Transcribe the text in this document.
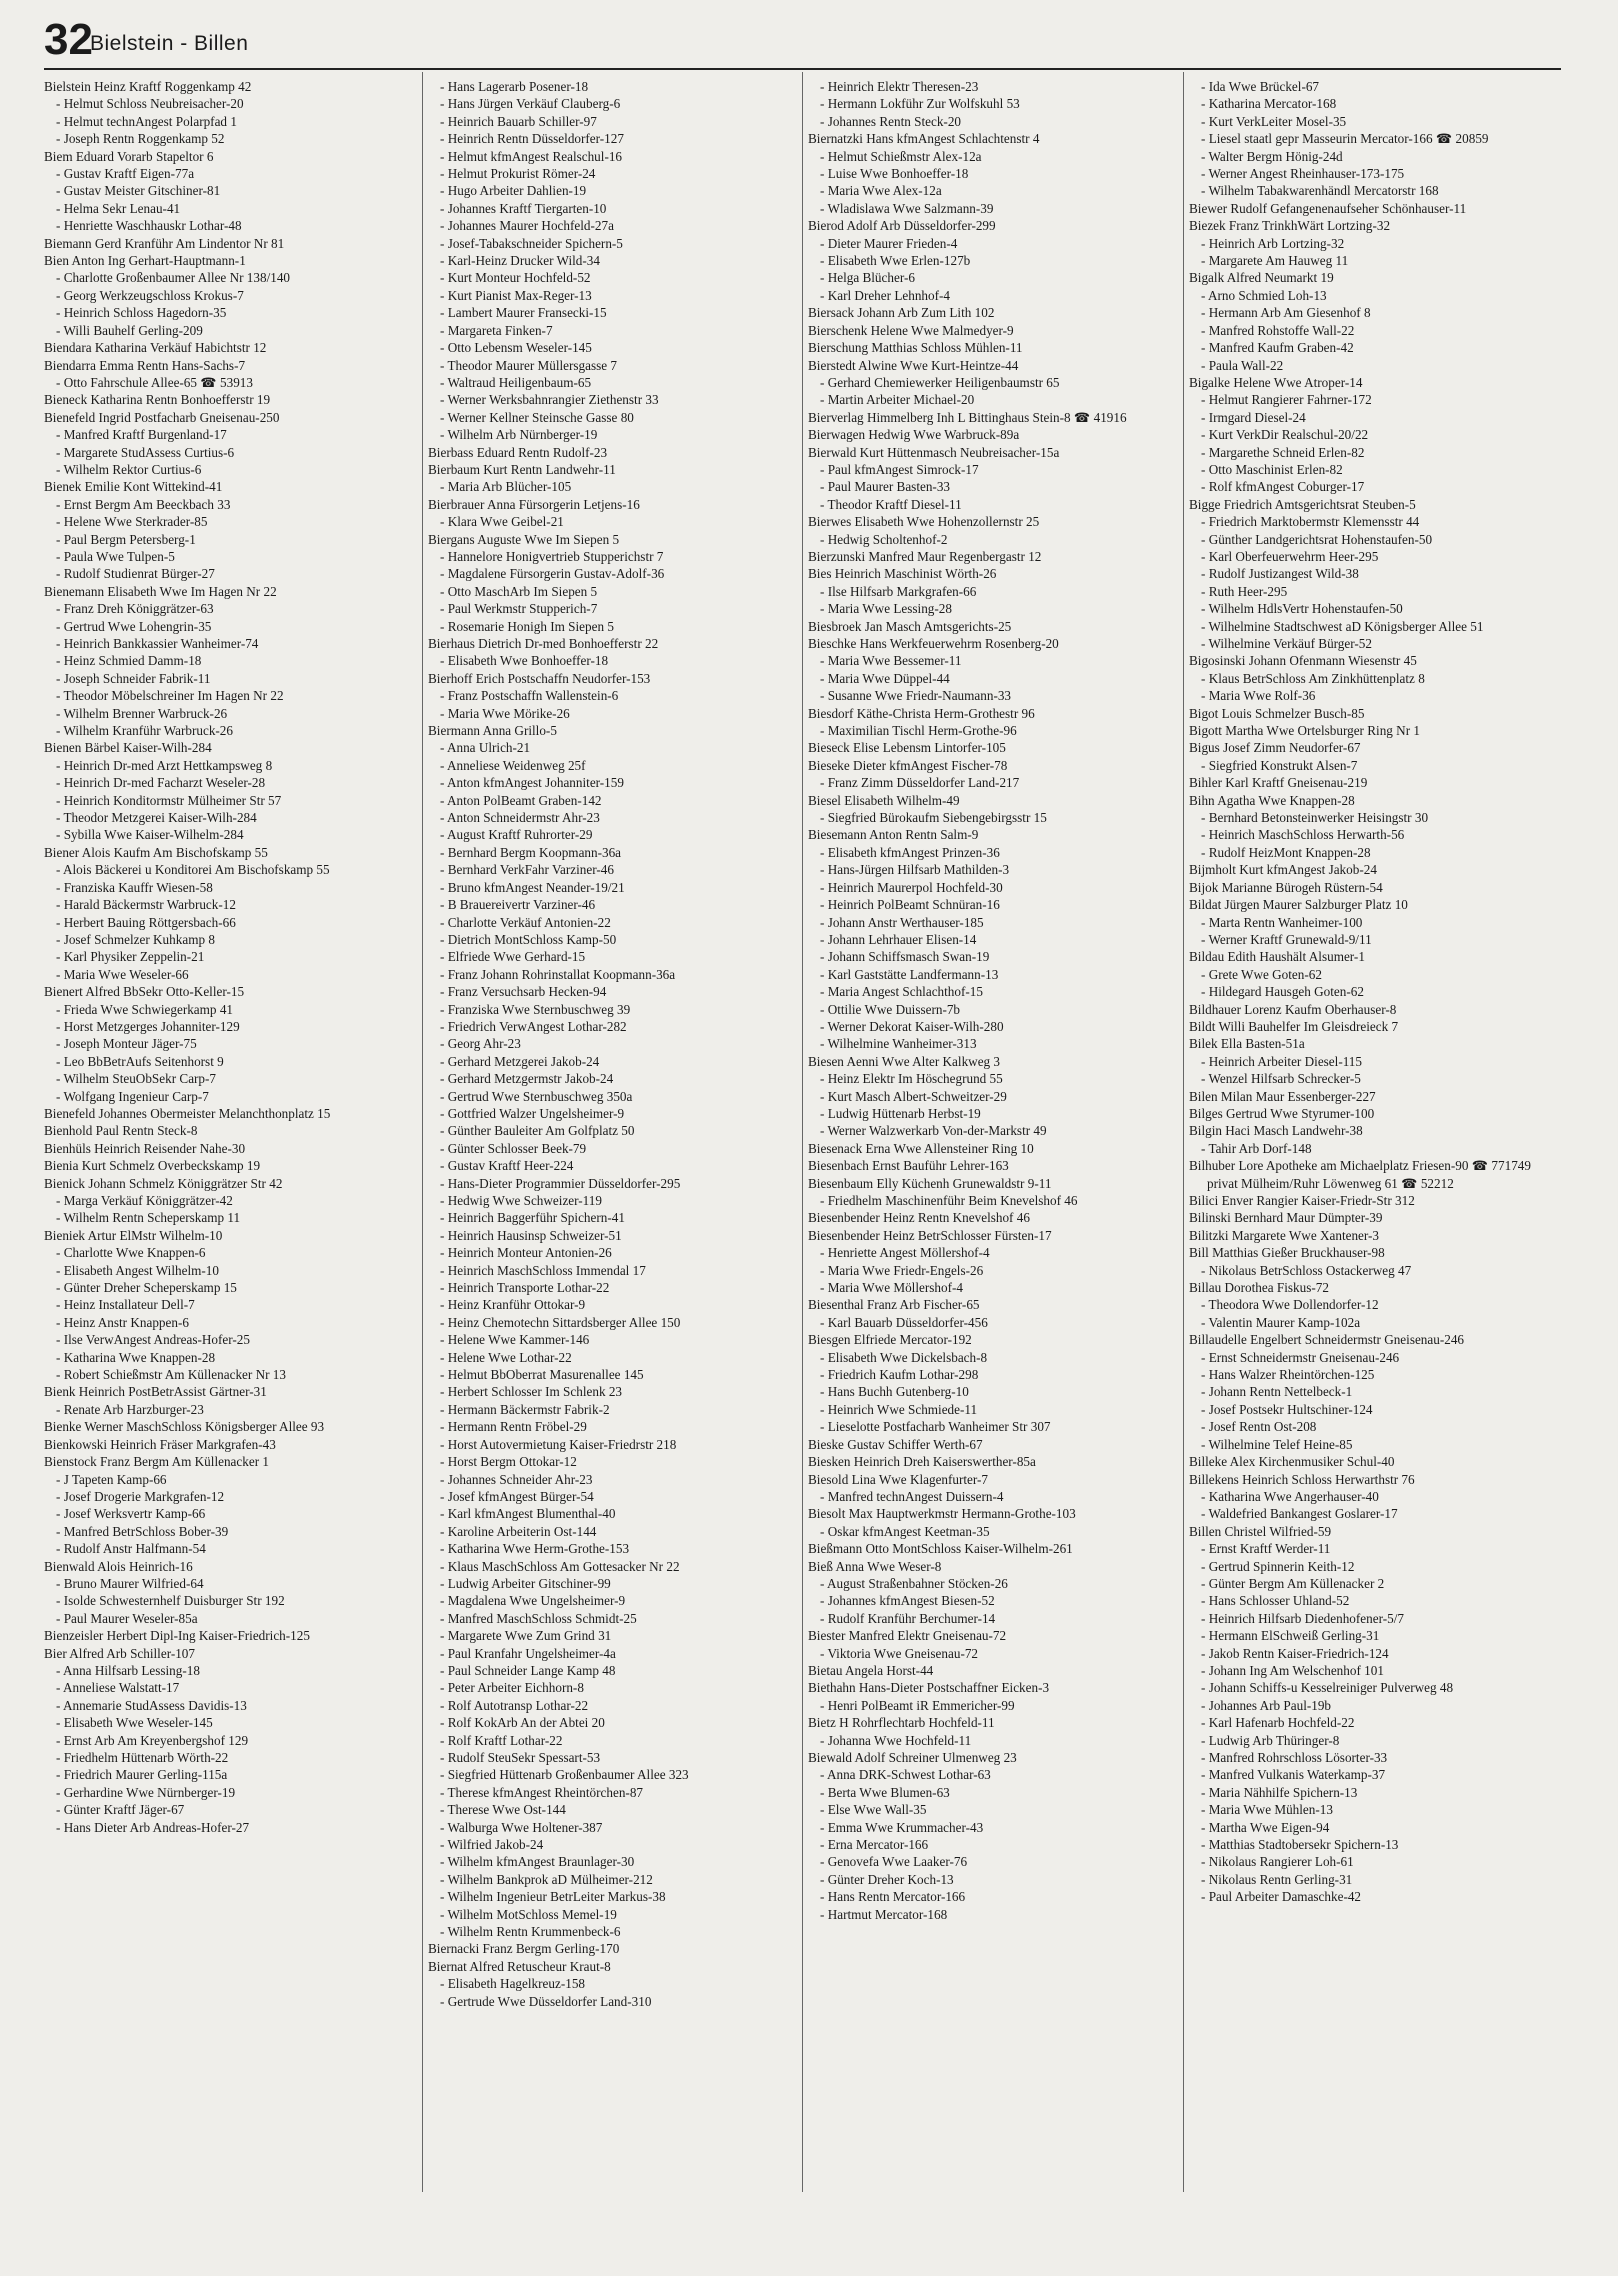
32
Bielstein - Billen

Bielstein Heinz Kraftf Roggenkamp 42

- Helmut Schloss Neubreisacher-20

- Helmut technAngest Polarpfad 1

- Joseph Rentn Roggenkamp 52

Biem Eduard Vorarb Stapeltor 6

- Gustav Kraftf Eigen-77a

- Gustav Meister Gitschiner-81

- Helma Sekr Lenau-41

- Henriette Waschhauskr Lothar-48

Biemann Gerd Kranführ Am Lindentor Nr 81

Bien Anton Ing Gerhart-Hauptmann-1

- Charlotte Großenbaumer Allee Nr 138/140

- Georg Werkzeugschloss Krokus-7

- Heinrich Schloss Hagedorn-35

- Willi Bauhelf Gerling-209

Biendara Katharina Verkäuf Habichtstr 12

Biendarra Emma Rentn Hans-Sachs-7

- Otto Fahrschule Allee-65 ☎ 53913

Bieneck Katharina Rentn Bonhoefferstr 19

Bienefeld Ingrid Postfacharb Gneisenau-250

- Manfred Kraftf Burgenland-17

- Margarete StudAssess Curtius-6

- Wilhelm Rektor Curtius-6

Bienek Emilie Kont Wittekind-41

- Ernst Bergm Am Beeckbach 33

- Helene Wwe Sterkrader-85

- Paul Bergm Petersberg-1

- Paula Wwe Tulpen-5

- Rudolf Studienrat Bürger-27

Bienemann Elisabeth Wwe Im Hagen Nr 22

- Franz Dreh Königgrätzer-63

- Gertrud Wwe Lohengrin-35

- Heinrich Bankkassier Wanheimer-74

- Heinz Schmied Damm-18

- Joseph Schneider Fabrik-11

- Theodor Möbelschreiner Im Hagen Nr 22

- Wilhelm Brenner Warbruck-26

- Wilhelm Kranführ Warbruck-26

Bienen Bärbel Kaiser-Wilh-284

- Heinrich Dr-med Arzt Hettkampsweg 8

- Heinrich Dr-med Facharzt Weseler-28

- Heinrich Konditormstr Mülheimer Str 57

- Theodor Metzgerei Kaiser-Wilh-284

- Sybilla Wwe Kaiser-Wilhelm-284

Biener Alois Kaufm Am Bischofskamp 55

- Alois Bäckerei u Konditorei Am Bischofskamp 55

- Franziska Kauffr Wiesen-58

- Harald Bäckermstr Warbruck-12

- Herbert Bauing Röttgersbach-66

- Josef Schmelzer Kuhkamp 8

- Karl Physiker Zeppelin-21

- Maria Wwe Weseler-66

Bienert Alfred BbSekr Otto-Keller-15

- Frieda Wwe Schwiegerkamp 41

- Horst Metzgerges Johanniter-129

- Joseph Monteur Jäger-75

- Leo BbBetrAufs Seitenhorst 9

- Wilhelm SteuObSekr Carp-7

- Wolfgang Ingenieur Carp-7

Bienefeld Johannes Obermeister Melanchthonplatz 15

Bienhold Paul Rentn Steck-8

Bienhüls Heinrich Reisender Nahe-30

Bienia Kurt Schmelz Overbeckskamp 19

Bienick Johann Schmelz Königgrätzer Str 42

- Marga Verkäuf Königgrätzer-42

- Wilhelm Rentn Scheperskamp 11

Bieniek Artur ElMstr Wilhelm-10

- Charlotte Wwe Knappen-6

- Elisabeth Angest Wilhelm-10

- Günter Dreher Scheperskamp 15

- Heinz Installateur Dell-7

- Heinz Anstr Knappen-6

- Ilse VerwAngest Andreas-Hofer-25

- Katharina Wwe Knappen-28

- Robert Schießmstr Am Küllenacker Nr 13

Bienk Heinrich PostBetrAssist Gärtner-31

- Renate Arb Harzburger-23

Bienke Werner MaschSchloss Königsberger Allee 93

Bienkowski Heinrich Fräser Markgrafen-43

Bienstock Franz Bergm Am Küllenacker 1

- J Tapeten Kamp-66

- Josef Drogerie Markgrafen-12

- Josef Werksvertr Kamp-66

- Manfred BetrSchloss Bober-39

- Rudolf Anstr Halfmann-54

Bienwald Alois Heinrich-16

- Bruno Maurer Wilfried-64

- Isolde Schwesternhelf Duisburger Str 192

- Paul Maurer Weseler-85a

Bienzeisler Herbert Dipl-Ing Kaiser-Friedrich-125

Bier Alfred Arb Schiller-107

- Anna Hilfsarb Lessing-18

- Anneliese Walstatt-17

- Annemarie StudAssess Davidis-13

- Elisabeth Wwe Weseler-145

- Ernst Arb Am Kreyenbergshof 129

- Friedhelm Hüttenarb Wörth-22

- Friedrich Maurer Gerling-115a

- Gerhardine Wwe Nürnberger-19

- Günter Kraftf Jäger-67

- Hans Dieter Arb Andreas-Hofer-27

- Hans Lagerarb Posener-18

- Hans Jürgen Verkäuf Clauberg-6

- Heinrich Bauarb Schiller-97

- Heinrich Rentn Düsseldorfer-127

- Helmut kfmAngest Realschul-16

- Helmut Prokurist Römer-24

- Hugo Arbeiter Dahlien-19

- Johannes Kraftf Tiergarten-10

- Johannes Maurer Hochfeld-27a

- Josef-Tabakschneider Spichern-5

- Karl-Heinz Drucker Wild-34

- Kurt Monteur Hochfeld-52

- Kurt Pianist Max-Reger-13

- Lambert Maurer Fransecki-15

- Margareta Finken-7

- Otto Lebensm Weseler-145

- Theodor Maurer Müllersgasse 7

- Waltraud Heiligenbaum-65

- Werner Werksbahnrangier Ziethenstr 33

- Werner Kellner Steinsche Gasse 80

- Wilhelm Arb Nürnberger-19

Bierbass Eduard Rentn Rudolf-23

Bierbaum Kurt Rentn Landwehr-11

- Maria Arb Blücher-105

Bierbrauer Anna Fürsorgerin Letjens-16

- Klara Wwe Geibel-21

Biergans Auguste Wwe Im Siepen 5

- Hannelore Honigvertrieb Stupperichstr 7

- Magdalene Fürsorgerin Gustav-Adolf-36

- Otto MaschArb Im Siepen 5

- Paul Werkmstr Stupperich-7

- Rosemarie Honigh Im Siepen 5

Bierhaus Dietrich Dr-med Bonhoefferstr 22

- Elisabeth Wwe Bonhoeffer-18

Bierhoff Erich Postschaffn Neudorfer-153

- Franz Postschaffn Wallenstein-6

- Maria Wwe Mörike-26

Biermann Anna Grillo-5

- Anna Ulrich-21

- Anneliese Weidenweg 25f

- Anton kfmAngest Johanniter-159

- Anton PolBeamt Graben-142

- Anton Schneidermstr Ahr-23

- August Kraftf Ruhrorter-29

- Bernhard Bergm Koopmann-36a

- Bernhard VerkFahr Varziner-46

- Bruno kfmAngest Neander-19/21

- B Brauereivertr Varziner-46

- Charlotte Verkäuf Antonien-22

- Dietrich MontSchloss Kamp-50

- Elfriede Wwe Gerhard-15

- Franz Johann Rohrinstallat Koopmann-36a

- Franz Versuchsarb Hecken-94

- Franziska Wwe Sternbuschweg 39

- Friedrich VerwAngest Lothar-282

- Georg Ahr-23

- Gerhard Metzgerei Jakob-24

- Gerhard Metzgermstr Jakob-24

- Gertrud Wwe Sternbuschweg 350a

- Gottfried Walzer Ungelsheimer-9

- Günther Bauleiter Am Golfplatz 50

- Günter Schlosser Beek-79

- Gustav Kraftf Heer-224

- Hans-Dieter Programmier Düsseldorfer-295

- Hedwig Wwe Schweizer-119

- Heinrich Baggerführ Spichern-41

- Heinrich Hausinsp Schweizer-51

- Heinrich Monteur Antonien-26

- Heinrich MaschSchloss Immendal 17

- Heinrich Transporte Lothar-22

- Heinz Kranführ Ottokar-9

- Heinz Chemotechn Sittardsberger Allee 150

- Helene Wwe Kammer-146

- Helene Wwe Lothar-22

- Helmut BbOberrat Masurenallee 145

- Herbert Schlosser Im Schlenk 23

- Hermann Bäckermstr Fabrik-2

- Hermann Rentn Fröbel-29

- Horst Autovermietung Kaiser-Friedrstr 218

- Horst Bergm Ottokar-12

- Johannes Schneider Ahr-23

- Josef kfmAngest Bürger-54

- Karl kfmAngest Blumenthal-40

- Karoline Arbeiterin Ost-144

- Katharina Wwe Herm-Grothe-153

- Klaus MaschSchloss Am Gottesacker Nr 22

- Ludwig Arbeiter Gitschiner-99

- Magdalena Wwe Ungelsheimer-9

- Manfred MaschSchloss Schmidt-25

- Margarete Wwe Zum Grind 31

- Paul Kranfahr Ungelsheimer-4a

- Paul Schneider Lange Kamp 48

- Peter Arbeiter Eichhorn-8

- Rolf Autotransp Lothar-22

- Rolf KokArb An der Abtei 20

- Rolf Kraftf Lothar-22

- Rudolf SteuSekr Spessart-53

- Siegfried Hüttenarb Großenbaumer Allee 323

- Therese kfmAngest Rheintörchen-87

- Therese Wwe Ost-144

- Walburga Wwe Holtener-387

- Wilfried Jakob-24

- Wilhelm kfmAngest Braunlager-30

- Wilhelm Bankprok aD Mülheimer-212

- Wilhelm Ingenieur BetrLeiter Markus-38

- Wilhelm MotSchloss Memel-19

- Wilhelm Rentn Krummenbeck-6

Biernacki Franz Bergm Gerling-170

Biernat Alfred Retuscheur Kraut-8

- Elisabeth Hagelkreuz-158

- Gertrude Wwe Düsseldorfer Land-310

- Heinrich Elektr Theresen-23

- Hermann Lokführ Zur Wolfskuhl 53

- Johannes Rentn Steck-20

Biernatzki Hans kfmAngest Schlachtenstr 4

- Helmut Schießmstr Alex-12a

- Luise Wwe Bonhoeffer-18

- Maria Wwe Alex-12a

- Wladislawa Wwe Salzmann-39

Bierod Adolf Arb Düsseldorfer-299

- Dieter Maurer Frieden-4

- Elisabeth Wwe Erlen-127b

- Helga Blücher-6

- Karl Dreher Lehnhof-4

Biersack Johann Arb Zum Lith 102

Bierschenk Helene Wwe Malmedyer-9

Bierschung Matthias Schloss Mühlen-11

Bierstedt Alwine Wwe Kurt-Heintze-44

- Gerhard Chemiewerker Heiligenbaumstr 65

- Martin Arbeiter Michael-20

Bierverlag Himmelberg Inh L Bittinghaus Stein-8 ☎ 41916

Bierwagen Hedwig Wwe Warbruck-89a

Bierwald Kurt Hüttenmasch Neubreisacher-15a

- Paul kfmAngest Simrock-17

- Paul Maurer Basten-33

- Theodor Kraftf Diesel-11

Bierwes Elisabeth Wwe Hohenzollernstr 25

- Hedwig Scholtenhof-2

Bierzunski Manfred Maur Regenbergastr 12

Bies Heinrich Maschinist Wörth-26

- Ilse Hilfsarb Markgrafen-66

- Maria Wwe Lessing-28

Biesbroek Jan Masch Amtsgerichts-25

Bieschke Hans Werkfeuerwehrm Rosenberg-20

- Maria Wwe Bessemer-11

- Maria Wwe Düppel-44

- Susanne Wwe Friedr-Naumann-33

Biesdorf Käthe-Christa Herm-Grothestr 96

- Maximilian Tischl Herm-Grothe-96

Bieseck Elise Lebensm Lintorfer-105

Bieseke Dieter kfmAngest Fischer-78

- Franz Zimm Düsseldorfer Land-217

Biesel Elisabeth Wilhelm-49

- Siegfried Bürokaufm Siebengebirgsstr 15

Biesemann Anton Rentn Salm-9

- Elisabeth kfmAngest Prinzen-36

- Hans-Jürgen Hilfsarb Mathilden-3

- Heinrich Maurerpol Hochfeld-30

- Heinrich PolBeamt Schnüran-16

- Johann Anstr Werthauser-185

- Johann Lehrhauer Elisen-14

- Johann Schiffsmasch Swan-19

- Karl Gaststätte Landfermann-13

- Maria Angest Schlachthof-15

- Ottilie Wwe Duissern-7b

- Werner Dekorat Kaiser-Wilh-280

- Wilhelmine Wanheimer-313

Biesen Aenni Wwe Alter Kalkweg 3

- Heinz Elektr Im Höschegrund 55

- Kurt Masch Albert-Schweitzer-29

- Ludwig Hüttenarb Herbst-19

- Werner Walzwerkarb Von-der-Markstr 49

Biesenack Erna Wwe Allensteiner Ring 10

Biesenbach Ernst Bauführ Lehrer-163

Biesenbaum Elly Küchenh Grunewaldstr 9-11

- Friedhelm Maschinenführ Beim Knevelshof 46

Biesenbender Heinz Rentn Knevelshof 46

Biesenbender Heinz BetrSchlosser Fürsten-17

- Henriette Angest Möllershof-4

- Maria Wwe Friedr-Engels-26

- Maria Wwe Möllershof-4

Biesenthal Franz Arb Fischer-65

- Karl Bauarb Düsseldorfer-456

Biesgen Elfriede Mercator-192

- Elisabeth Wwe Dickelsbach-8

- Friedrich Kaufm Lothar-298

- Hans Buchh Gutenberg-10

- Heinrich Wwe Schmiede-11

- Lieselotte Postfacharb Wanheimer Str 307

Bieske Gustav Schiffer Werth-67

Biesken Heinrich Dreh Kaiserswerther-85a

Biesold Lina Wwe Klagenfurter-7

- Manfred technAngest Duissern-4

Biesolt Max Hauptwerkmstr Hermann-Grothe-103

- Oskar kfmAngest Keetman-35

Bießmann Otto MontSchloss Kaiser-Wilhelm-261

Bieß Anna Wwe Weser-8

- August Straßenbahner Stöcken-26

- Johannes kfmAngest Biesen-52

- Rudolf Kranführ Berchumer-14

Biester Manfred Elektr Gneisenau-72

- Viktoria Wwe Gneisenau-72

Bietau Angela Horst-44

Biethahn Hans-Dieter Postschaffner Eicken-3

- Henri PolBeamt iR Emmericher-99

Bietz H Rohrflechtarb Hochfeld-11

- Johanna Wwe Hochfeld-11

Biewald Adolf Schreiner Ulmenweg 23

- Anna DRK-Schwest Lothar-63

- Berta Wwe Blumen-63

- Else Wwe Wall-35

- Emma Wwe Krummacher-43

- Erna Mercator-166

- Genovefa Wwe Laaker-76

- Günter Dreher Koch-13

- Hans Rentn Mercator-166

- Hartmut Mercator-168

- Ida Wwe Brückel-67

- Katharina Mercator-168

- Kurt VerkLeiter Mosel-35

- Liesel staatl gepr Masseurin Mercator-166 ☎ 20859

- Walter Bergm Hönig-24d

- Werner Angest Rheinhauser-173-175

- Wilhelm Tabakwarenhändl Mercatorstr 168

Biewer Rudolf Gefangenenaufseher Schönhauser-11

Biezek Franz TrinkhWärt Lortzing-32

- Heinrich Arb Lortzing-32

- Margarete Am Hauweg 11

Bigalk Alfred Neumarkt 19

- Arno Schmied Loh-13

- Hermann Arb Am Giesenhof 8

- Manfred Rohstoffe Wall-22

- Manfred Kaufm Graben-42

- Paula Wall-22

Bigalke Helene Wwe Atroper-14

- Helmut Rangierer Fahrner-172

- Irmgard Diesel-24

- Kurt VerkDir Realschul-20/22

- Margarethe Schneid Erlen-82

- Otto Maschinist Erlen-82

- Rolf kfmAngest Coburger-17

Bigge Friedrich Amtsgerichtsrat Steuben-5

- Friedrich Marktobermstr Klemensstr 44

- Günther Landgerichtsrat Hohenstaufen-50

- Karl Oberfeuerwehrm Heer-295

- Rudolf Justizangest Wild-38

- Ruth Heer-295

- Wilhelm HdlsVertr Hohenstaufen-50

- Wilhelmine Stadtschwest aD Königsberger Allee 51

- Wilhelmine Verkäuf Bürger-52

Bigosinski Johann Ofenmann Wiesenstr 45

- Klaus BetrSchloss Am Zinkhüttenplatz 8

- Maria Wwe Rolf-36

Bigot Louis Schmelzer Busch-85

Bigott Martha Wwe Ortelsburger Ring Nr 1

Bigus Josef Zimm Neudorfer-67

- Siegfried Konstrukt Alsen-7

Bihler Karl Kraftf Gneisenau-219

Bihn Agatha Wwe Knappen-28

- Bernhard Betonsteinwerker Heisingstr 30

- Heinrich MaschSchloss Herwarth-56

- Rudolf HeizMont Knappen-28

Bijmholt Kurt kfmAngest Jakob-24

Bijok Marianne Bürogeh Rüstern-54

Bildat Jürgen Maurer Salzburger Platz 10

- Marta Rentn Wanheimer-100

- Werner Kraftf Grunewald-9/11

Bildau Edith Haushält Alsumer-1

- Grete Wwe Goten-62

- Hildegard Hausgeh Goten-62

Bildhauer Lorenz Kaufm Oberhauser-8

Bildt Willi Bauhelfer Im Gleisdreieck 7

Bilek Ella Basten-51a

- Heinrich Arbeiter Diesel-115

- Wenzel Hilfsarb Schrecker-5

Bilen Milan Maur Essenberger-227

Bilges Gertrud Wwe Styrumer-100

Bilgin Haci Masch Landwehr-38

- Tahir Arb Dorf-148

Bilhuber Lore Apotheke am Michaelplatz Friesen-90 ☎ 771749 privat Mülheim/Ruhr Löwenweg 61 ☎ 52212

Bilici Enver Rangier Kaiser-Friedr-Str 312

Bilinski Bernhard Maur Dümpter-39

Bilitzki Margarete Wwe Xantener-3

Bill Matthias Gießer Bruckhauser-98

- Nikolaus BetrSchloss Ostackerweg 47

Billau Dorothea Fiskus-72

- Theodora Wwe Dollendorfer-12

- Valentin Maurer Kamp-102a

Billaudelle Engelbert Schneidermstr Gneisenau-246

- Ernst Schneidermstr Gneisenau-246

- Hans Walzer Rheintörchen-125

- Johann Rentn Nettelbeck-1

- Josef Postsekr Hultschiner-124

- Josef Rentn Ost-208

- Wilhelmine Telef Heine-85

Billeke Alex Kirchenmusiker Schul-40

Billekens Heinrich Schloss Herwarthstr 76

- Katharina Wwe Angerhauser-40

- Waldefried Bankangest Goslarer-17

Billen Christel Wilfried-59

- Ernst Kraftf Werder-11

- Gertrud Spinnerin Keith-12

- Günter Bergm Am Küllenacker 2

- Hans Schlosser Uhland-52

- Heinrich Hilfsarb Diedenhofener-5/7

- Hermann ElSchweiß Gerling-31

- Jakob Rentn Kaiser-Friedrich-124

- Johann Ing Am Welschenhof 101

- Johann Schiffs-u Kesselreiniger Pulverweg 48

- Johannes Arb Paul-19b

- Karl Hafenarb Hochfeld-22

- Ludwig Arb Thüringer-8

- Manfred Rohrschloss Lösorter-33

- Manfred Vulkanis Waterkamp-37

- Maria Nähhilfe Spichern-13

- Maria Wwe Mühlen-13

- Martha Wwe Eigen-94

- Matthias Stadtobersekr Spichern-13

- Nikolaus Rangierer Loh-61

- Nikolaus Rentn Gerling-31

- Paul Arbeiter Damaschke-42
